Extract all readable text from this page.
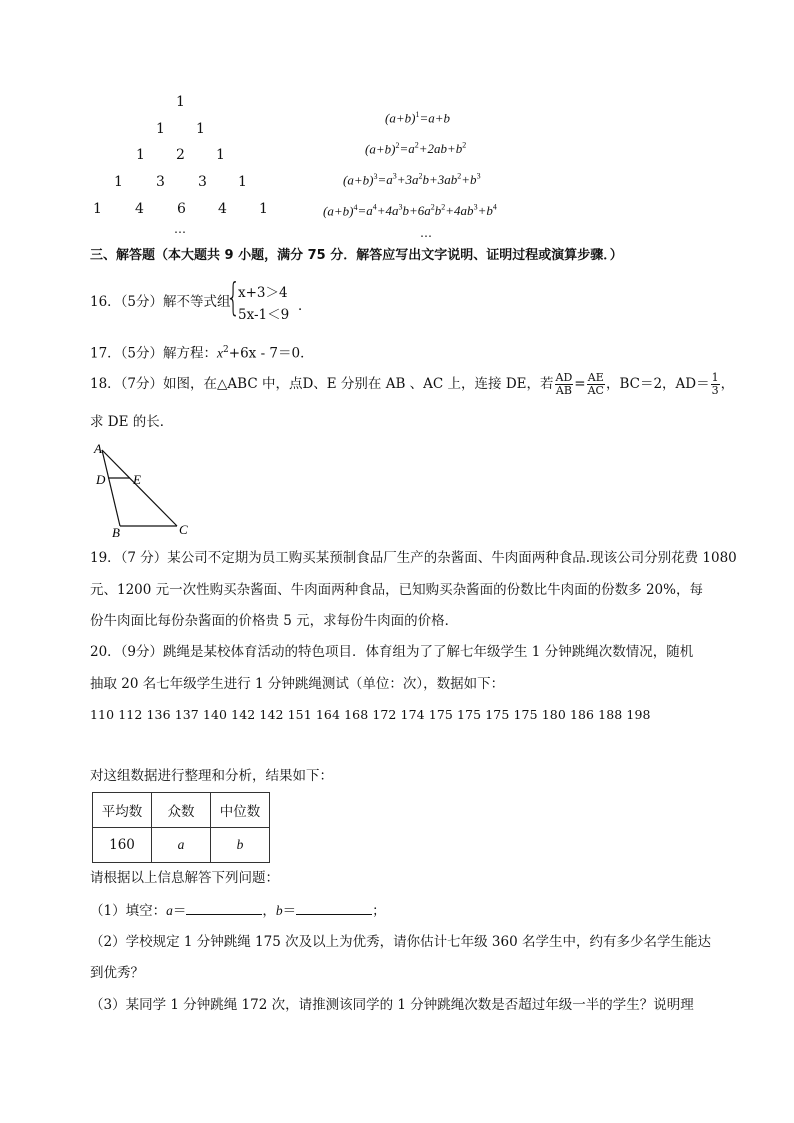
1
1 1
1 2 1
1 3 3 1
1 4 6 4 1
…
$(a+b)^1=a+b$
$(a+b)^2=a^2+2ab+b^2$
$(a+b)^3=a^3+3a^2b+3ab^2+b^3$
$(a+b)^4=a^4+4a^3b+6a^2b^2+4ab^3+b^4$
…
三、解答题（本大题共 9 小题，满分 75 分．解答应写出文字说明、证明过程或演算步骤．）
16．（5分）解不等式组
{
x+3＞4
5x-1＜9
．
17．（5分）解方程：$x^2+6x - 7=0$．
18．（7分）如图，在△ABC 中，点D、E 分别在 AB 、AC 上，连接 DE，若 $\frac{AD}{AB} = \frac{AE}{AC}$ ，BC＝2，$AD= \frac{1}{3}$ ，
求 DE 的长．
A
D E
B	C
19．（7 分）某公司不定期为员工购买某预制食品厂生产的杂酱面、牛肉面两种食品.现该公司分别花费 1080
元、1200 元一次性购买杂酱面、牛肉面两种食品，已知购买杂酱面的份数比牛肉面的份数多 20%，每
份牛肉面比每份杂酱面的价格贵 5 元，求每份牛肉面的价格．
20．（9分）跳绳是某校体育活动的特色项目．体育组为了了解七年级学生 1 分钟跳绳次数情况，随机
抽取 20 名七年级学生进行 1 分钟跳绳测试（单位：次），数据如下：
110 112 136 137 140 142 142 151 164 168 172 174 175 175 175 175 180 186 188 198
对这组数据进行整理和分析，结果如下：
平均数	众数	中位数
160	a	b
请根据以上信息解答下列问题：
（1）填空：a＝	，b＝	；
（2）学校规定 1 分钟跳绳 175 次及以上为优秀，请你估计七年级 360 名学生中，约有多少名学生能达
到优秀？
（3）某同学 1 分钟跳绳 172 次，请推测该同学的 1 分钟跳绳次数是否超过年级一半的学生？说明理
